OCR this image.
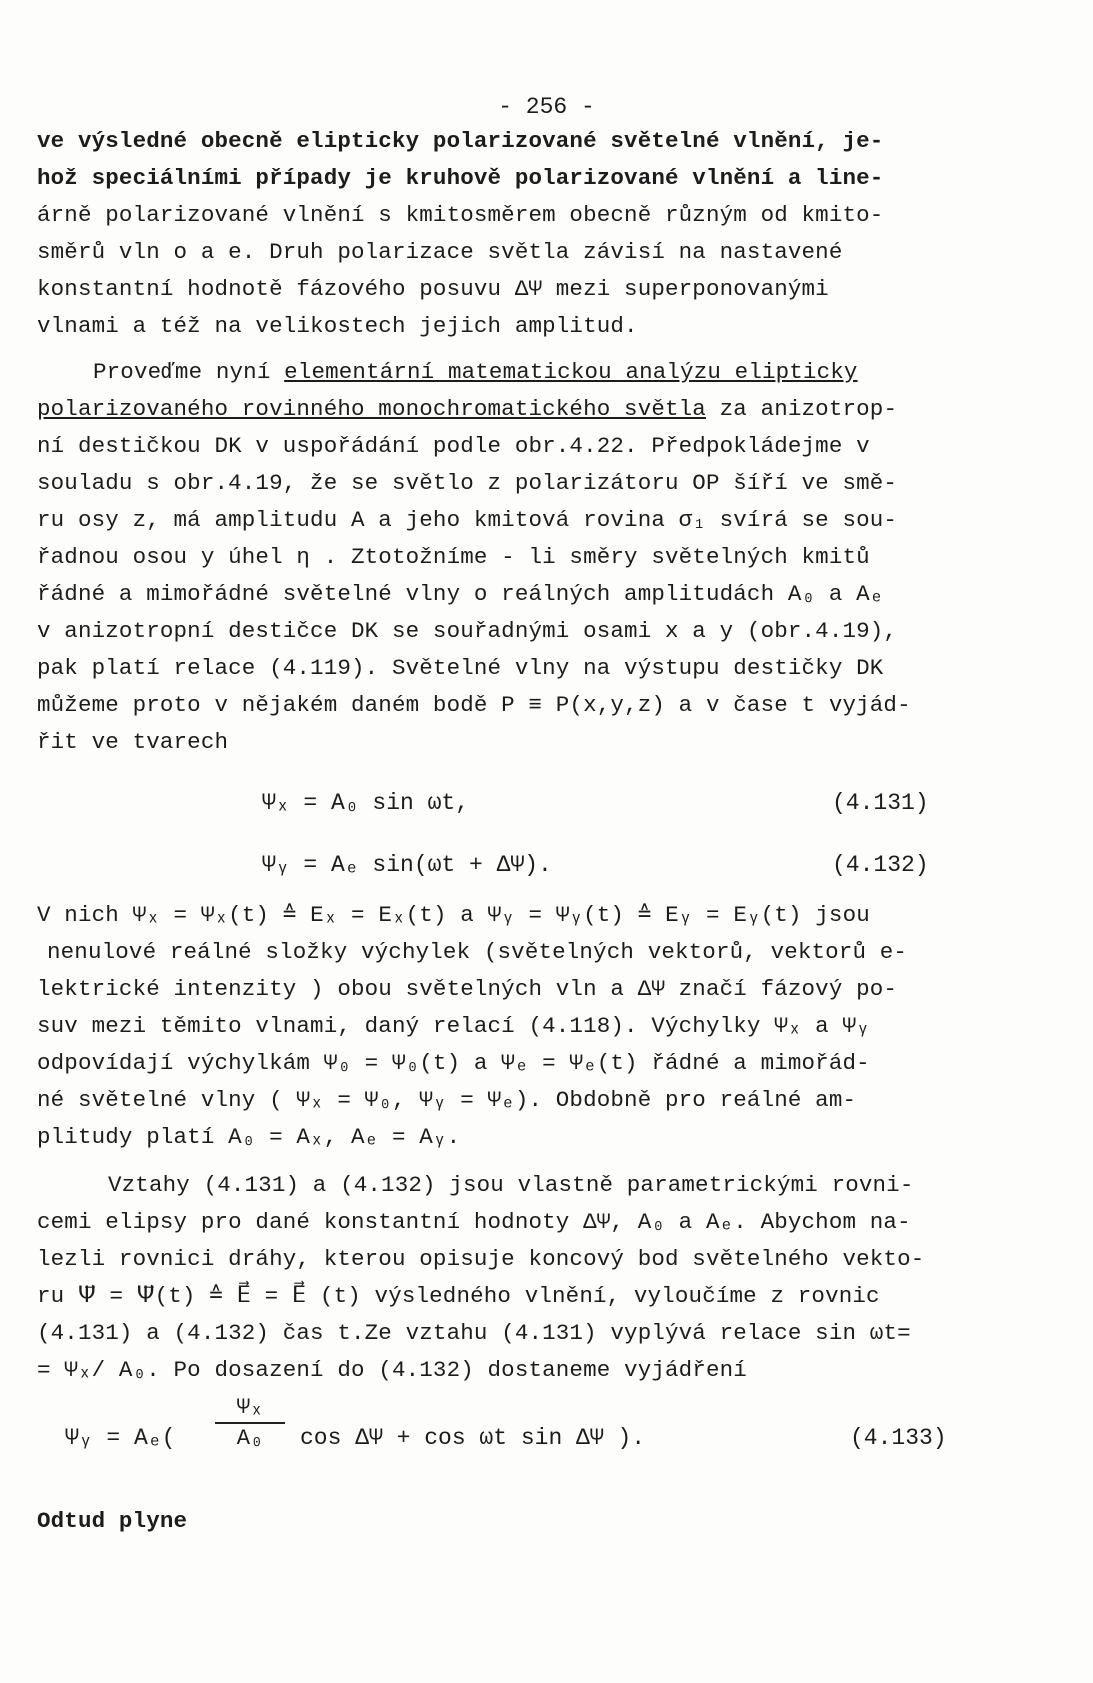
- 256 -
ve výsledné obecně elipticky polarizované světelné vlnění, je-
hož speciálními případy je kruhově polarizované vlnění a line-
árně polarizované vlnění s kmitosměrem obecně různým od kmito-
směrů vln o a e. Druh polarizace světla závisí na nastavené
konstantní hodnotě fázového posuvu ΔΨ mezi superponovanými
vlnami a též na velikostech jejich amplitud.
Proveďme nyní elementární matematickou analýzu elipticky
polarizovaného rovinného monochromatického světla za anizotrop-
ní destičkou DK v uspořádání podle obr.4.22. Předpokládejme v
souladu s obr.4.19, že se světlo z polarizátoru OP šíří ve smě-
ru osy z, má amplitudu A a jeho kmitová rovina σ₁ svírá se sou-
řadnou osou y úhel η . Ztotožníme - li směry světelných kmitů
řádné a mimořádné světelné vlny o reálných amplitudách A₀ a Aₑ
v anizotropní destičce DK se souřadnými osami x a y (obr.4.19),
pak platí relace (4.119). Světelné vlny na výstupu destičky DK
můžeme proto v nějakém daném bodě P ≡ P(x,y,z) a v čase t vyjád-
řit ve tvarech
Ψₓ = A₀ sin ωt,	(4.131)
Ψᵧ = Aₑ sin(ωt + ΔΨ).	(4.132)
V nich Ψₓ = Ψₓ(t) ≙ Eₓ = Eₓ(t) a Ψᵧ = Ψᵧ(t) ≙ Eᵧ = Eᵧ(t) jsou
nenulové reálné složky výchylek (světelných vektorů, vektorů e-
lektrické intenzity ) obou světelných vln a ΔΨ značí fázový po-
suv mezi těmito vlnami, daný relací (4.118). Výchylky Ψₓ a Ψᵧ
odpovídají výchylkám Ψ₀ = Ψ₀(t) a Ψₑ = Ψₑ(t) řádné a mimořád-
né světelné vlny ( Ψₓ = Ψ₀, Ψᵧ = Ψₑ). Obdobně pro reálné am-
plitudy platí A₀ = Aₓ, Aₑ = Aᵧ.
Vztahy (4.131) a (4.132) jsou vlastně parametrickými rovni-
cemi elipsy pro dané konstantní hodnoty ΔΨ, A₀ a Aₑ. Abychom na-
lezli rovnici dráhy, kterou opisuje koncový bod světelného vekto-
ru Ψ⃗ = Ψ⃗(t) ≙ E⃗ = E⃗ (t) výsledného vlnění, vyloučíme z rovnic
(4.131) a (4.132) čas t.Ze vztahu (4.131) vyplývá relace sin ωt=
= Ψₓ/ A₀. Po dosazení do (4.132) dostaneme vyjádření
Ψᵧ = Aₑ(
Ψₓ
A₀	cos ΔΨ + cos ωt sin ΔΨ ).	(4.133)
Odtud plyne
